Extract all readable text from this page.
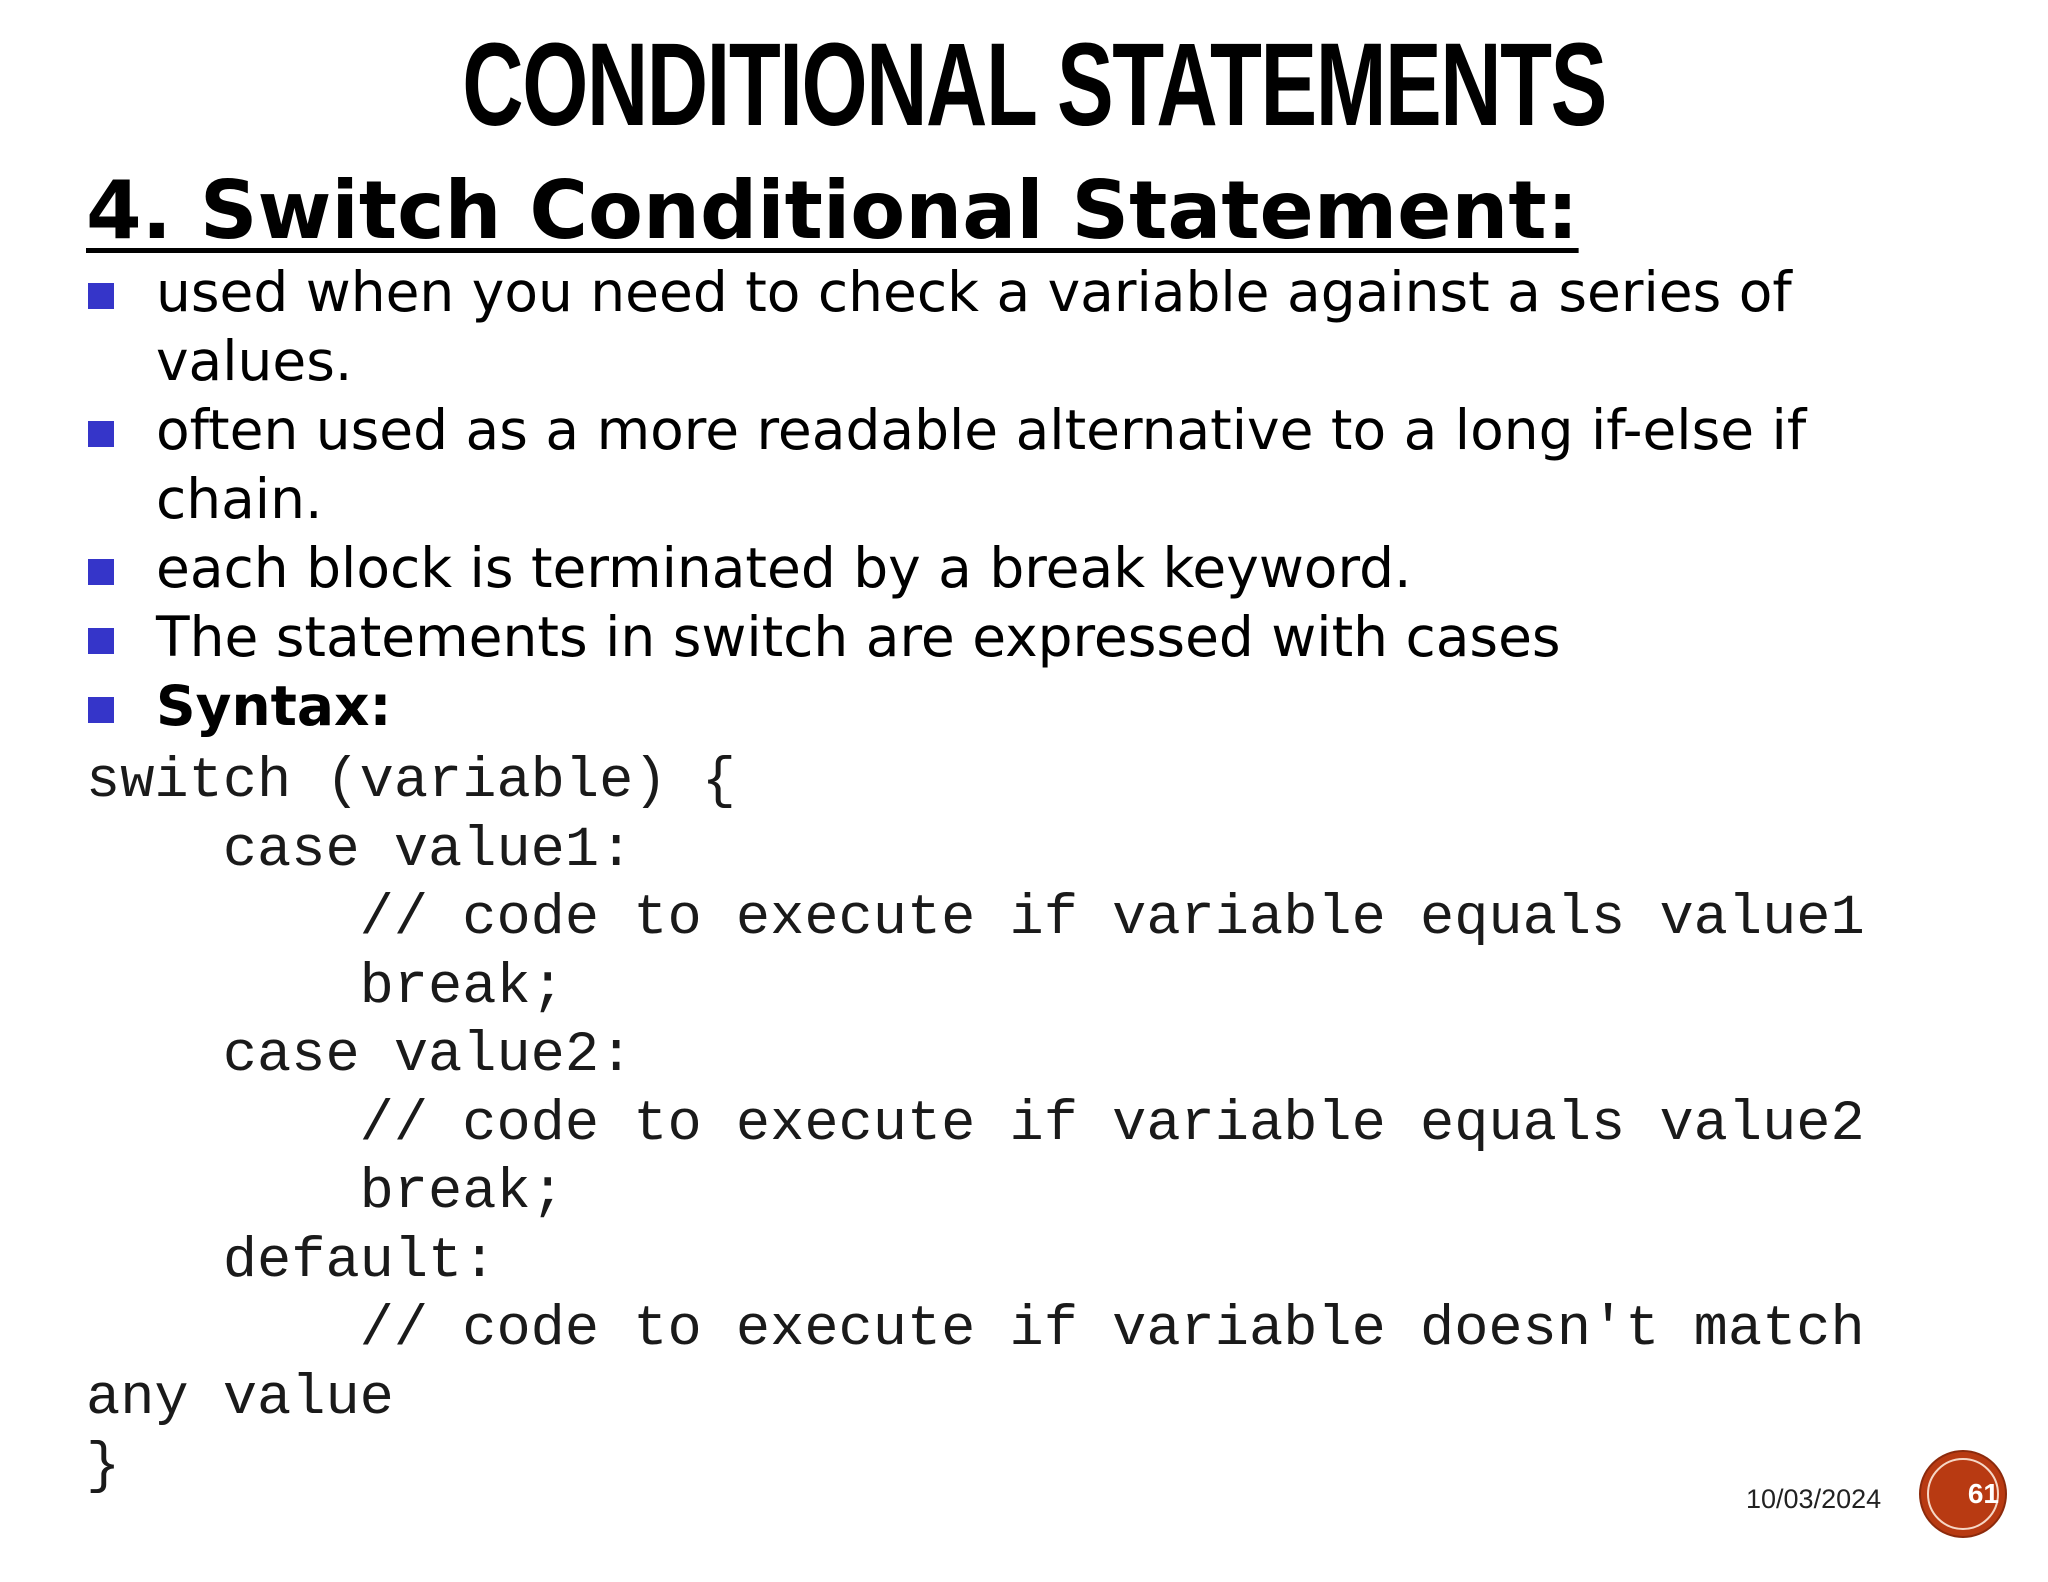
CONDITIONAL STATEMENTS
4. Switch Conditional Statement:
used when you need to check a variable against a series of
values.
often used as a more readable alternative to a long if-else if
chain.
each block is terminated by a break keyword.
The statements in switch are expressed with cases
Syntax:
switch (variable) {
case value1:
// code to execute if variable equals value1
break;
case value2:
// code to execute if variable equals value2
break;
default:
// code to execute if variable doesn't match
any value
}	10/03/2024	61
